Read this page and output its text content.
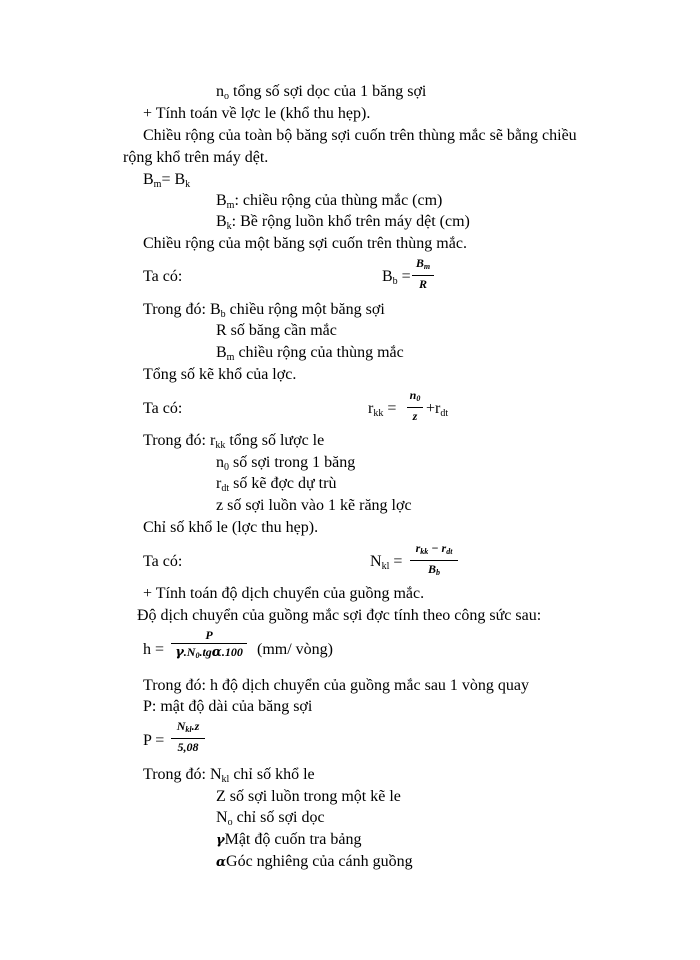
$n_o$ tổng số sợi dọc của 1 băng sợi
+ Tính toán về lợc le (khổ thu hẹp).
Chiều rộng của toàn bộ băng sợi cuốn trên thùng mắc sẽ bằng chiều
rộng khổ trên máy dệt.
$B_m= B_k$
$B_m$: chiều rộng của thùng mắc (cm)
$B_k$: Bề rộng luồn khổ trên máy dệt (cm)
Chiều rộng của một băng sợi cuốn trên thùng mắc.
Ta có:	$B_b$ =
Bm
R
Trong đó: $B_b$ chiều rộng một băng sợi
R số băng cần mắc
$B_m$ chiều rộng của thùng mắc
Tổng số kẽ khổ của lợc.
Ta có:	$r_{kk}$ =
n0
$z +r_{dt}$
Trong đó: $r_{kk}$ tổng số lược le
$n_0$ số sợi trong 1 băng
$r_{dt}$ số kẽ đợc dự trù
z số sợi luồn vào 1 kẽ răng lợc
Chỉ số khổ le (lợc thu hẹp).
Ta có:	$N_{kl}$ =
rkk − rdt
Bb
+ Tính toán độ dịch chuyển của guồng mắc.
Độ dịch chuyển của guồng mắc sợi đợc tính theo công sức sau:
h =
P
γ.N0.tgα.100 (mm/ vòng)
Trong đó: h độ dịch chuyển của guồng mắc sau 1 vòng quay
P: mật độ dài của băng sợi
P =
Nkl.z
5,08
Trong đó: $N_{kl}$ chỉ số khổ le
Z số sợi luồn trong một kẽ le
$N_o$ chỉ số sợi dọc
γMật độ cuốn tra bảng
αGóc nghiêng của cánh guồng
